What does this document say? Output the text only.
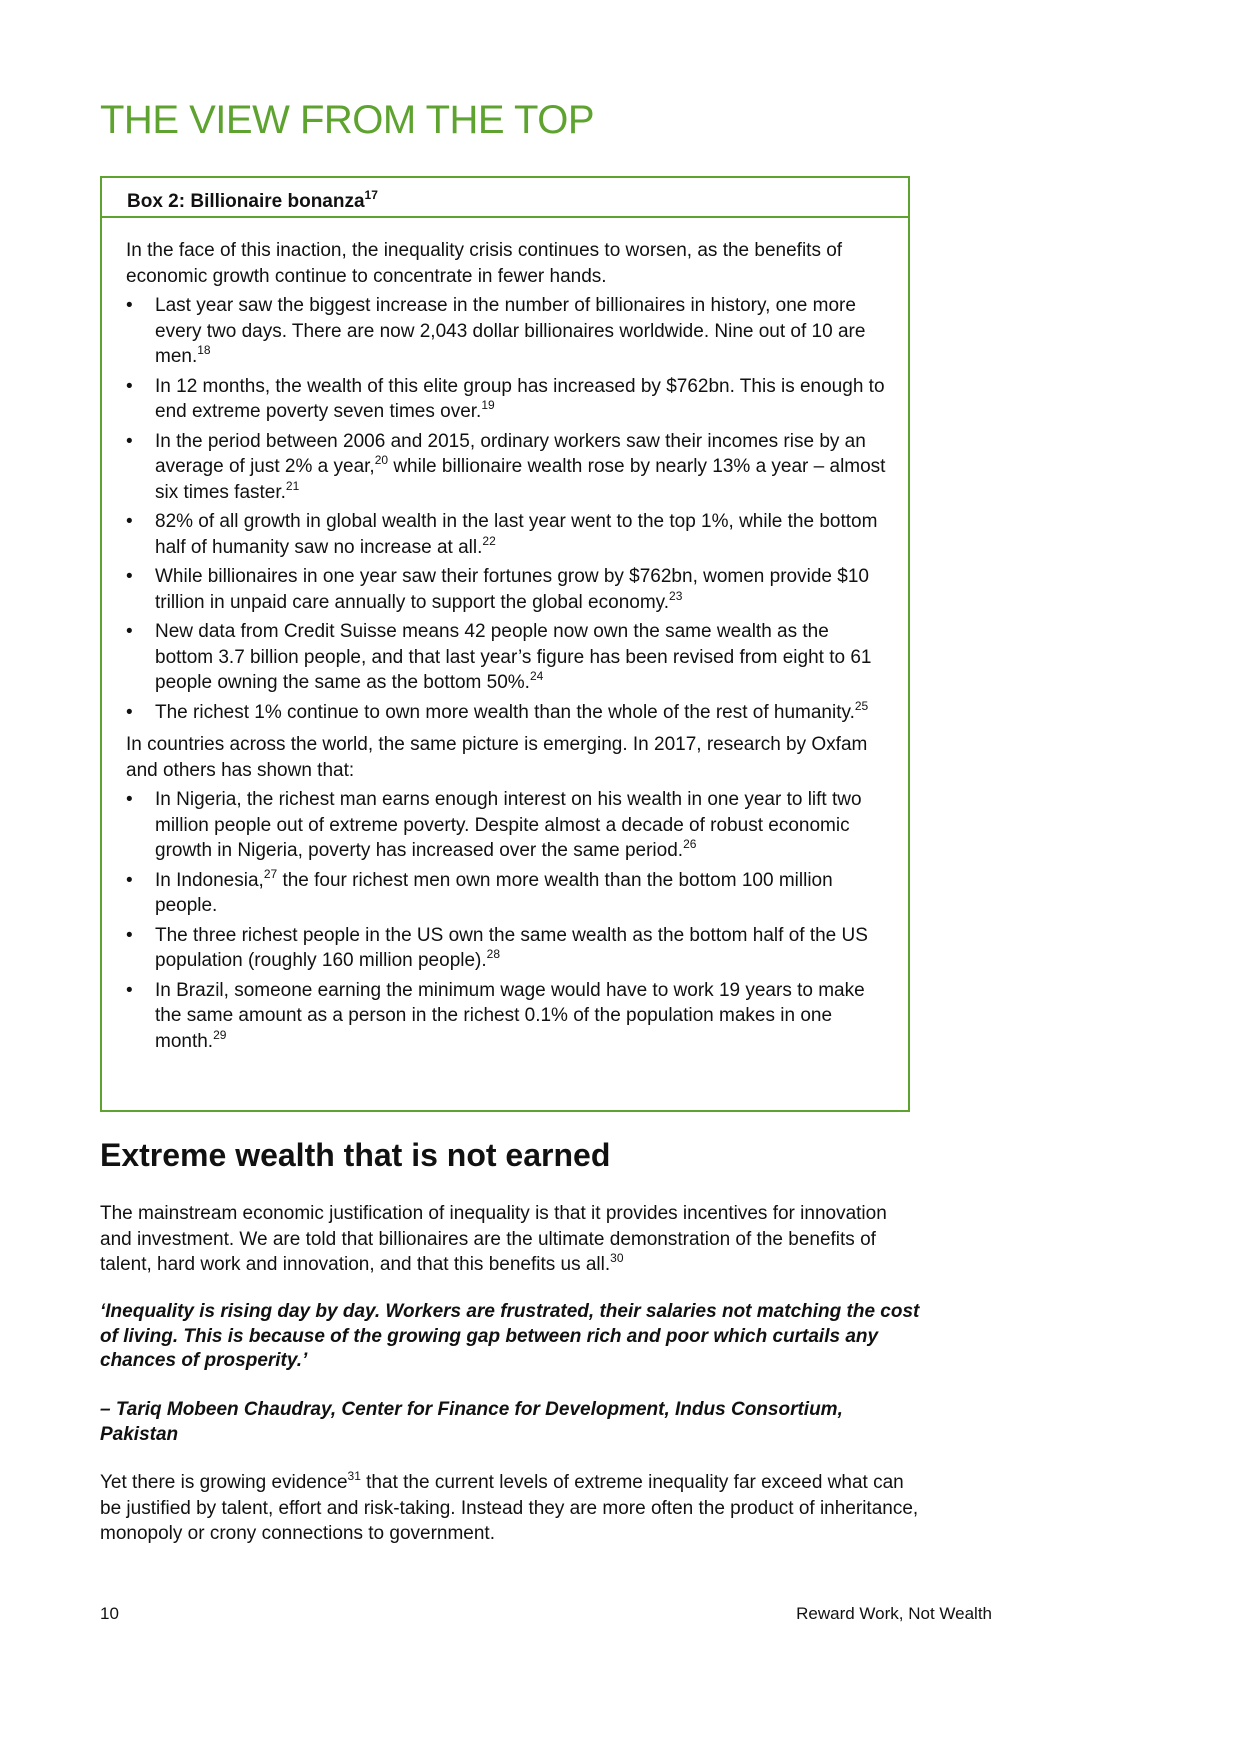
THE VIEW FROM THE TOP
Box 2: Billionaire bonanza$^{17}$

In the face of this inaction, the inequality crisis continues to worsen, as the benefits of economic growth continue to concentrate in fewer hands.

• Last year saw the biggest increase in the number of billionaires in history, one more every two days. There are now 2,043 dollar billionaires worldwide. Nine out of 10 are men.$^{18}$
• In 12 months, the wealth of this elite group has increased by $762bn. This is enough to end extreme poverty seven times over.$^{19}$
• In the period between 2006 and 2015, ordinary workers saw their incomes rise by an average of just 2% a year,$^{20}$ while billionaire wealth rose by nearly 13% a year – almost six times faster.$^{21}$
• 82% of all growth in global wealth in the last year went to the top 1%, while the bottom half of humanity saw no increase at all.$^{22}$
• While billionaires in one year saw their fortunes grow by $762bn, women provide $10 trillion in unpaid care annually to support the global economy.$^{23}$
• New data from Credit Suisse means 42 people now own the same wealth as the bottom 3.7 billion people, and that last year’s figure has been revised from eight to 61 people owning the same as the bottom 50%.$^{24}$
• The richest 1% continue to own more wealth than the whole of the rest of humanity.$^{25}$

In countries across the world, the same picture is emerging. In 2017, research by Oxfam and others has shown that:

• In Nigeria, the richest man earns enough interest on his wealth in one year to lift two million people out of extreme poverty. Despite almost a decade of robust economic growth in Nigeria, poverty has increased over the same period.$^{26}$
• In Indonesia,$^{27}$ the four richest men own more wealth than the bottom 100 million people.
• The three richest people in the US own the same wealth as the bottom half of the US population (roughly 160 million people).$^{28}$
• In Brazil, someone earning the minimum wage would have to work 19 years to make the same amount as a person in the richest 0.1% of the population makes in one month.$^{29}$
Extreme wealth that is not earned

The mainstream economic justification of inequality is that it provides incentives for innovation and investment. We are told that billionaires are the ultimate demonstration of the benefits of talent, hard work and innovation, and that this benefits us all.$^{30}$

‘Inequality is rising day by day. Workers are frustrated, their salaries not matching the cost of living. This is because of the growing gap between rich and poor which curtails any chances of prosperity.’

– Tariq Mobeen Chaudray, Center for Finance for Development, Indus Consortium, Pakistan

Yet there is growing evidence$^{31}$ that the current levels of extreme inequality far exceed what can be justified by talent, effort and risk-taking. Instead they are more often the product of inheritance, monopoly or crony connections to government.

10	Reward Work, Not Wealth
